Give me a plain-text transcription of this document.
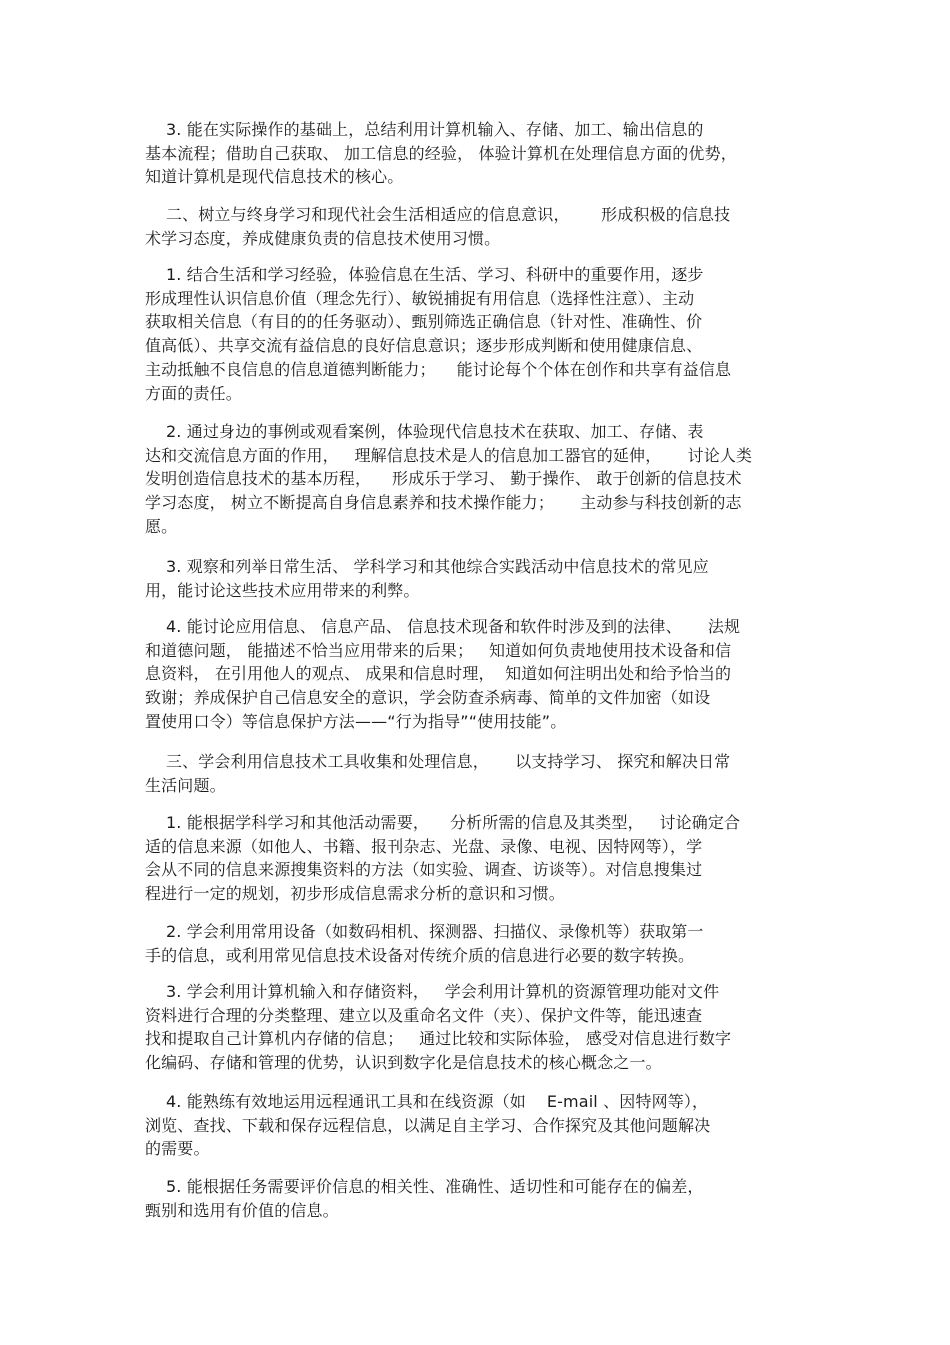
3. 能在实际操作的基础上，总结利用计算机输入、存储、加工、输出信息的
基本流程；借助自己获取、 加工信息的经验， 体验计算机在处理信息方面的优势，
知道计算机是现代信息技术的核心。
二、树立与终身学习和现代社会生活相适应的信息意识，      形成积极的信息技
术学习态度，养成健康负责的信息技术使用习惯。
1. 结合生活和学习经验，体验信息在生活、学习、科研中的重要作用，逐步
形成理性认识信息价值（理念先行）、敏锐捕捉有用信息（选择性注意）、主动
获取相关信息（有目的的任务驱动）、甄别筛选正确信息（针对性、准确性、价
值高低）、共享交流有益信息的良好信息意识；逐步形成判断和使用健康信息、
主动抵触不良信息的信息道德判断能力；    能讨论每个个体在创作和共享有益信息
方面的责任。
2. 通过身边的事例或观看案例，体验现代信息技术在获取、加工、存储、表
达和交流信息方面的作用，   理解信息技术是人的信息加工器官的延伸，     讨论人类
发明创造信息技术的基本历程，    形成乐于学习、 勤于操作、 敢于创新的信息技术
学习态度， 树立不断提高自身信息素养和技术操作能力；     主动参与科技创新的志
愿。
3. 观察和列举日常生活、 学科学习和其他综合实践活动中信息技术的常见应
用，能讨论这些技术应用带来的利弊。
4. 能讨论应用信息、 信息产品、 信息技术现备和软件时涉及到的法律、     法规
和道德问题， 能描述不恰当应用带来的后果；   知道如何负责地使用技术设备和信
息资料， 在引用他人的观点、 成果和信息时理，  知道如何注明出处和给予恰当的
致谢；养成保护自己信息安全的意识，学会防查杀病毒、简单的文件加密（如设
置使用口令）等信息保护方法——“行为指导”“使用技能”。
三、学会利用信息技术工具收集和处理信息，     以支持学习、 探究和解决日常
生活问题。
1. 能根据学科学习和其他活动需要，    分析所需的信息及其类型，   讨论确定合
适的信息来源（如他人、书籍、报刊杂志、光盘、录像、电视、因特网等），学
会从不同的信息来源搜集资料的方法（如实验、调查、访谈等）。对信息搜集过
程进行一定的规划，初步形成信息需求分析的意识和习惯。
2. 学会利用常用设备（如数码相机、探测器、扫描仪、录像机等）获取第一
手的信息，或利用常见信息技术设备对传统介质的信息进行必要的数字转换。
3. 学会利用计算机输入和存储资料，   学会利用计算机的资源管理功能对文件
资料进行合理的分类整理、建立以及重命名文件（夹）、保护文件等，能迅速查
找和提取自己计算机内存储的信息；   通过比较和实际体验， 感受对信息进行数字
化编码、存储和管理的优势，认识到数字化是信息技术的核心概念之一。
4. 能熟练有效地运用远程通讯工具和在线资源（如    E-mail 、因特网等），
浏览、查找、下载和保存远程信息，以满足自主学习、合作探究及其他问题解决
的需要。
5. 能根据任务需要评价信息的相关性、准确性、适切性和可能存在的偏差，
甄别和选用有价值的信息。
